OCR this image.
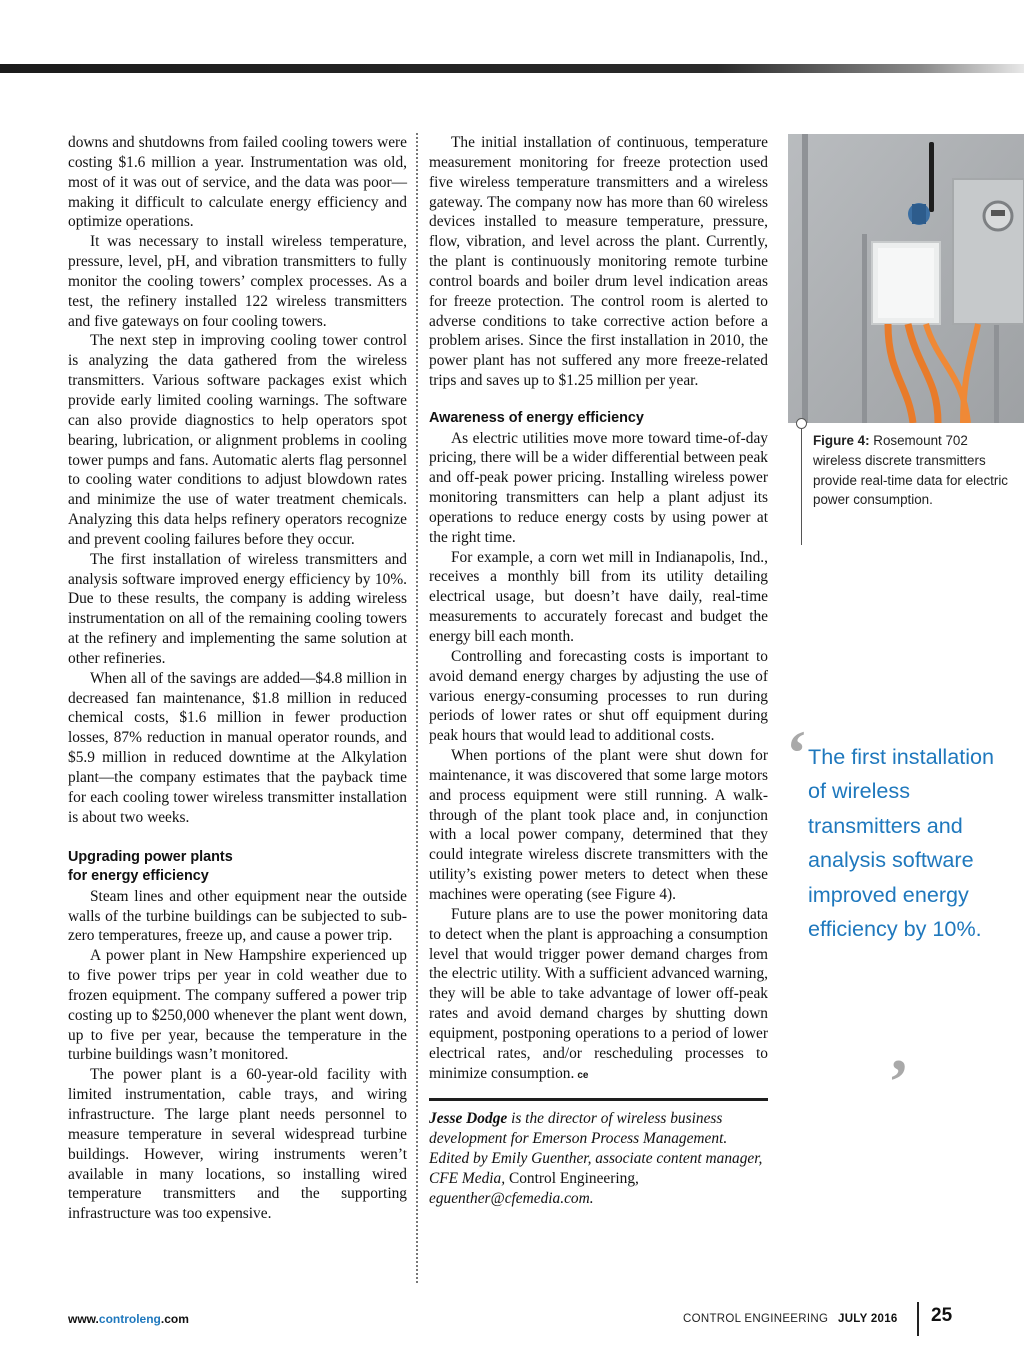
downs and shutdowns from failed cooling towers were costing $1.6 million a year. Instrumentation was old, most of it was out of service, and the data was poor—making it difficult to calculate energy efficiency and optimize operations.

It was necessary to install wireless temperature, pressure, level, pH, and vibration transmitters to fully monitor the cooling towers’ complex processes. As a test, the refinery installed 122 wireless transmitters and five gateways on four cooling towers.

The next step in improving cooling tower control is analyzing the data gathered from the wireless transmitters. Various software packages exist which provide early limited cooling warnings. The software can also provide diagnostics to help operators spot bearing, lubrication, or alignment problems in cooling tower pumps and fans. Automatic alerts flag personnel to cooling water conditions to adjust blowdown rates and minimize the use of water treatment chemicals. Analyzing this data helps refinery operators recognize and prevent cooling failures before they occur.

The first installation of wireless transmitters and analysis software improved energy efficiency by 10%. Due to these results, the company is adding wireless instrumentation on all of the remaining cooling towers at the refinery and implementing the same solution at other refineries.

When all of the savings are added—$4.8 million in decreased fan maintenance, $1.8 million in reduced chemical costs, $1.6 million in fewer production losses, 87% reduction in manual operator rounds, and $5.9 million in reduced downtime at the Alkylation plant—the company estimates that the payback time for each cooling tower wireless transmitter installation is about two weeks.

Upgrading power plants
for energy efficiency

Steam lines and other equipment near the outside walls of the turbine buildings can be subjected to sub-zero temperatures, freeze up, and cause a power trip.

A power plant in New Hampshire experienced up to five power trips per year in cold weather due to frozen equipment. The company suffered a power trip costing up to $250,000 whenever the plant went down, up to five per year, because the temperature in the turbine buildings wasn’t monitored.

The power plant is a 60-year-old facility with limited instrumentation, cable trays, and wiring infrastructure. The large plant needs personnel to measure temperature in several widespread turbine buildings. However, wiring instruments weren’t available in many locations, so installing wired temperature transmitters and the supporting infrastructure was too expensive.

The initial installation of continuous, temperature measurement monitoring for freeze protection used five wireless temperature transmitters and a wireless gateway. The company now has more than 60 wireless devices installed to measure temperature, pressure, flow, vibration, and level across the plant. Currently, the plant is continuously monitoring remote turbine control boards and boiler drum level indication areas for freeze protection. The control room is alerted to adverse conditions to take corrective action before a problem arises. Since the first installation in 2010, the power plant has not suffered any more freeze-related trips and saves up to $1.25 million per year.

Awareness of energy efficiency

As electric utilities move more toward time-of-day pricing, there will be a wider differential between peak and off-peak power pricing. Installing wireless power monitoring transmitters can help a plant adjust its operations to reduce energy costs by using power at the right time.

For example, a corn wet mill in Indianapolis, Ind., receives a monthly bill from its utility detailing electrical usage, but doesn’t have daily, real-time measurements to accurately forecast and budget the energy bill each month.

Controlling and forecasting costs is important to avoid demand energy charges by adjusting the use of various energy-consuming processes to run during periods of lower rates or shut off equipment during peak hours that would lead to additional costs.

When portions of the plant were shut down for maintenance, it was discovered that some large motors and process equipment were still running. A walk-through of the plant took place and, in conjunction with a local power company, determined that they could integrate wireless discrete transmitters with the utility’s existing power meters to detect when these machines were operating (see Figure 4).

Future plans are to use the power monitoring data to detect when the plant is approaching a consumption level that would trigger power demand charges from the electric utility. With a sufficient advanced warning, they will be able to take advantage of lower off-peak rates and avoid demand charges by shutting down equipment, postponing operations to a period of lower electrical rates, and/or rescheduling processes to minimize consumption. ce

Jesse Dodge is the director of wireless business development for Emerson Process Management. Edited by Emily Guenther, associate content manager, CFE Media, Control Engineering, eguenther@cfemedia.com.
Figure 4: Rosemount 702 wireless discrete transmitters provide real-time data for electric power consumption.
‘ The first installation of wireless transmitters and analysis software improved energy efficiency by 10%.
’
www.controleng.com	CONTROL ENGINEERING JULY 2016 25
